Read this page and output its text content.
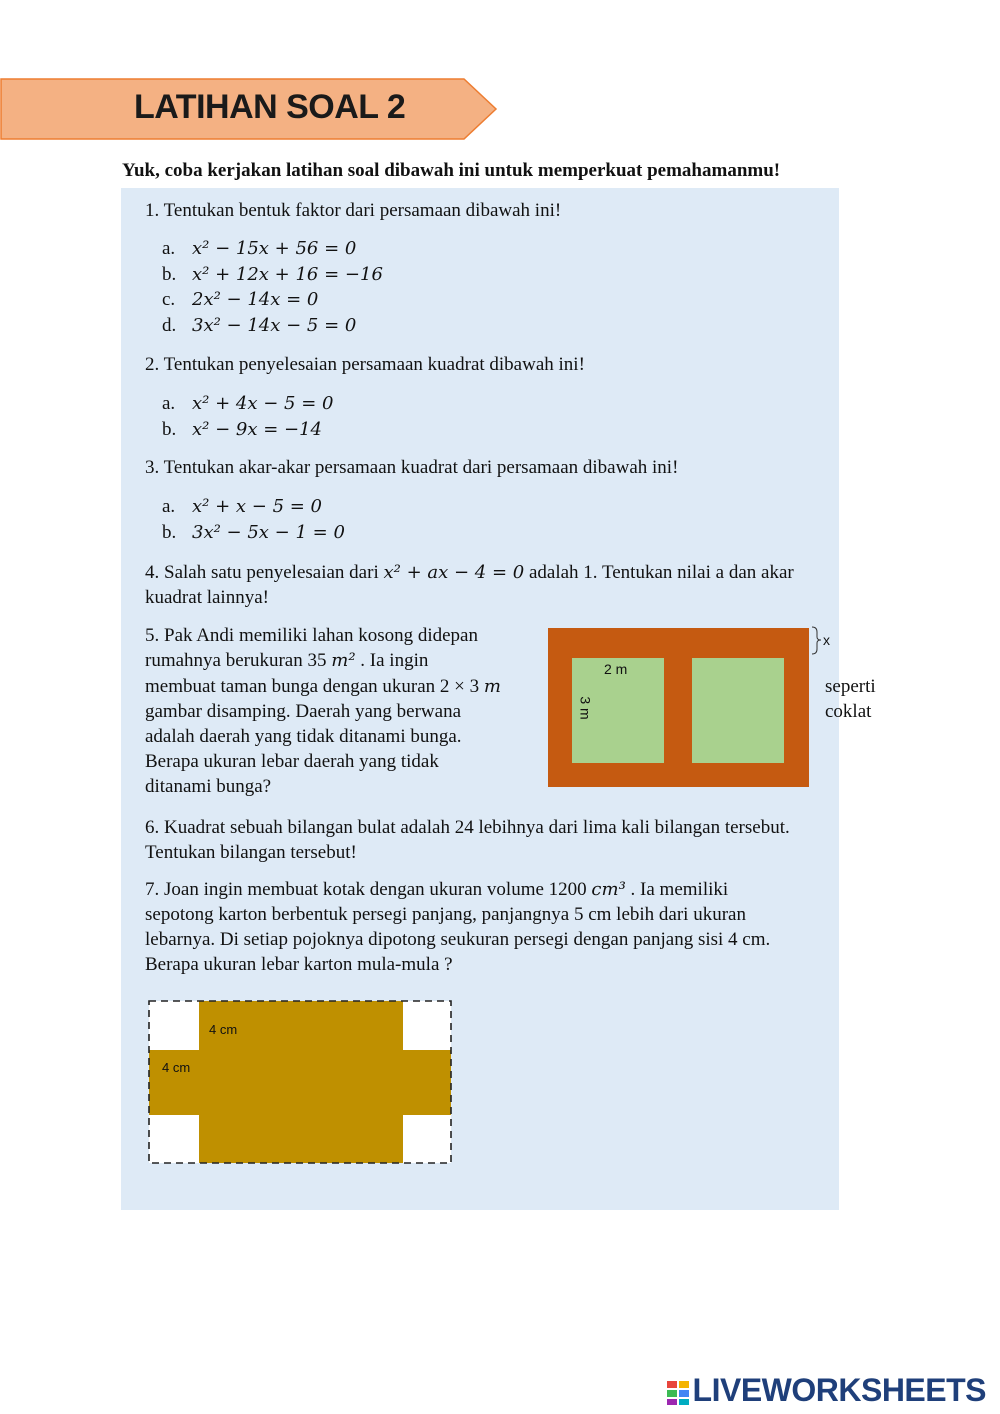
LATIHAN SOAL 2
Yuk, coba kerjakan latihan soal dibawah ini untuk memperkuat pemahamanmu!
1. Tentukan bentuk faktor dari persamaan dibawah ini!
a. x² − 15x + 56 = 0
b. x² + 12x + 16 = −16
c. 2x² − 14x = 0
d. 3x² − 14x − 5 = 0
2. Tentukan penyelesaian persamaan kuadrat dibawah ini!
a. x² + 4x − 5 = 0
b. x² − 9x = −14
3. Tentukan akar-akar persamaan kuadrat dari persamaan dibawah ini!
a. x² + x − 5 = 0
b. 3x² − 5x − 1 = 0
4. Salah satu penyelesaian dari x² + ax − 4 = 0 adalah 1. Tentukan nilai a dan akar
kuadrat lainnya!
5. Pak Andi memiliki lahan kosong didepan
rumahnya berukuran 35 m² . Ia ingin
membuat taman bunga dengan ukuran 2 × 3 m
gambar disamping. Daerah yang berwana
adalah daerah yang tidak ditanami bunga.
Berapa ukuran lebar daerah yang tidak
ditanami bunga?
seperti
coklat
2 m
3 m
x
6. Kuadrat sebuah bilangan bulat adalah 24 lebihnya dari lima kali bilangan tersebut.
Tentukan bilangan tersebut!
7. Joan ingin membuat kotak dengan ukuran volume 1200 cm³ . Ia memiliki
sepotong karton berbentuk persegi panjang, panjangnya 5 cm lebih dari ukuran
lebarnya. Di setiap pojoknya dipotong seukuran persegi dengan panjang sisi 4 cm.
Berapa ukuran lebar karton mula-mula ?
4 cm
4 cm
LIVEWORKSHEETS
